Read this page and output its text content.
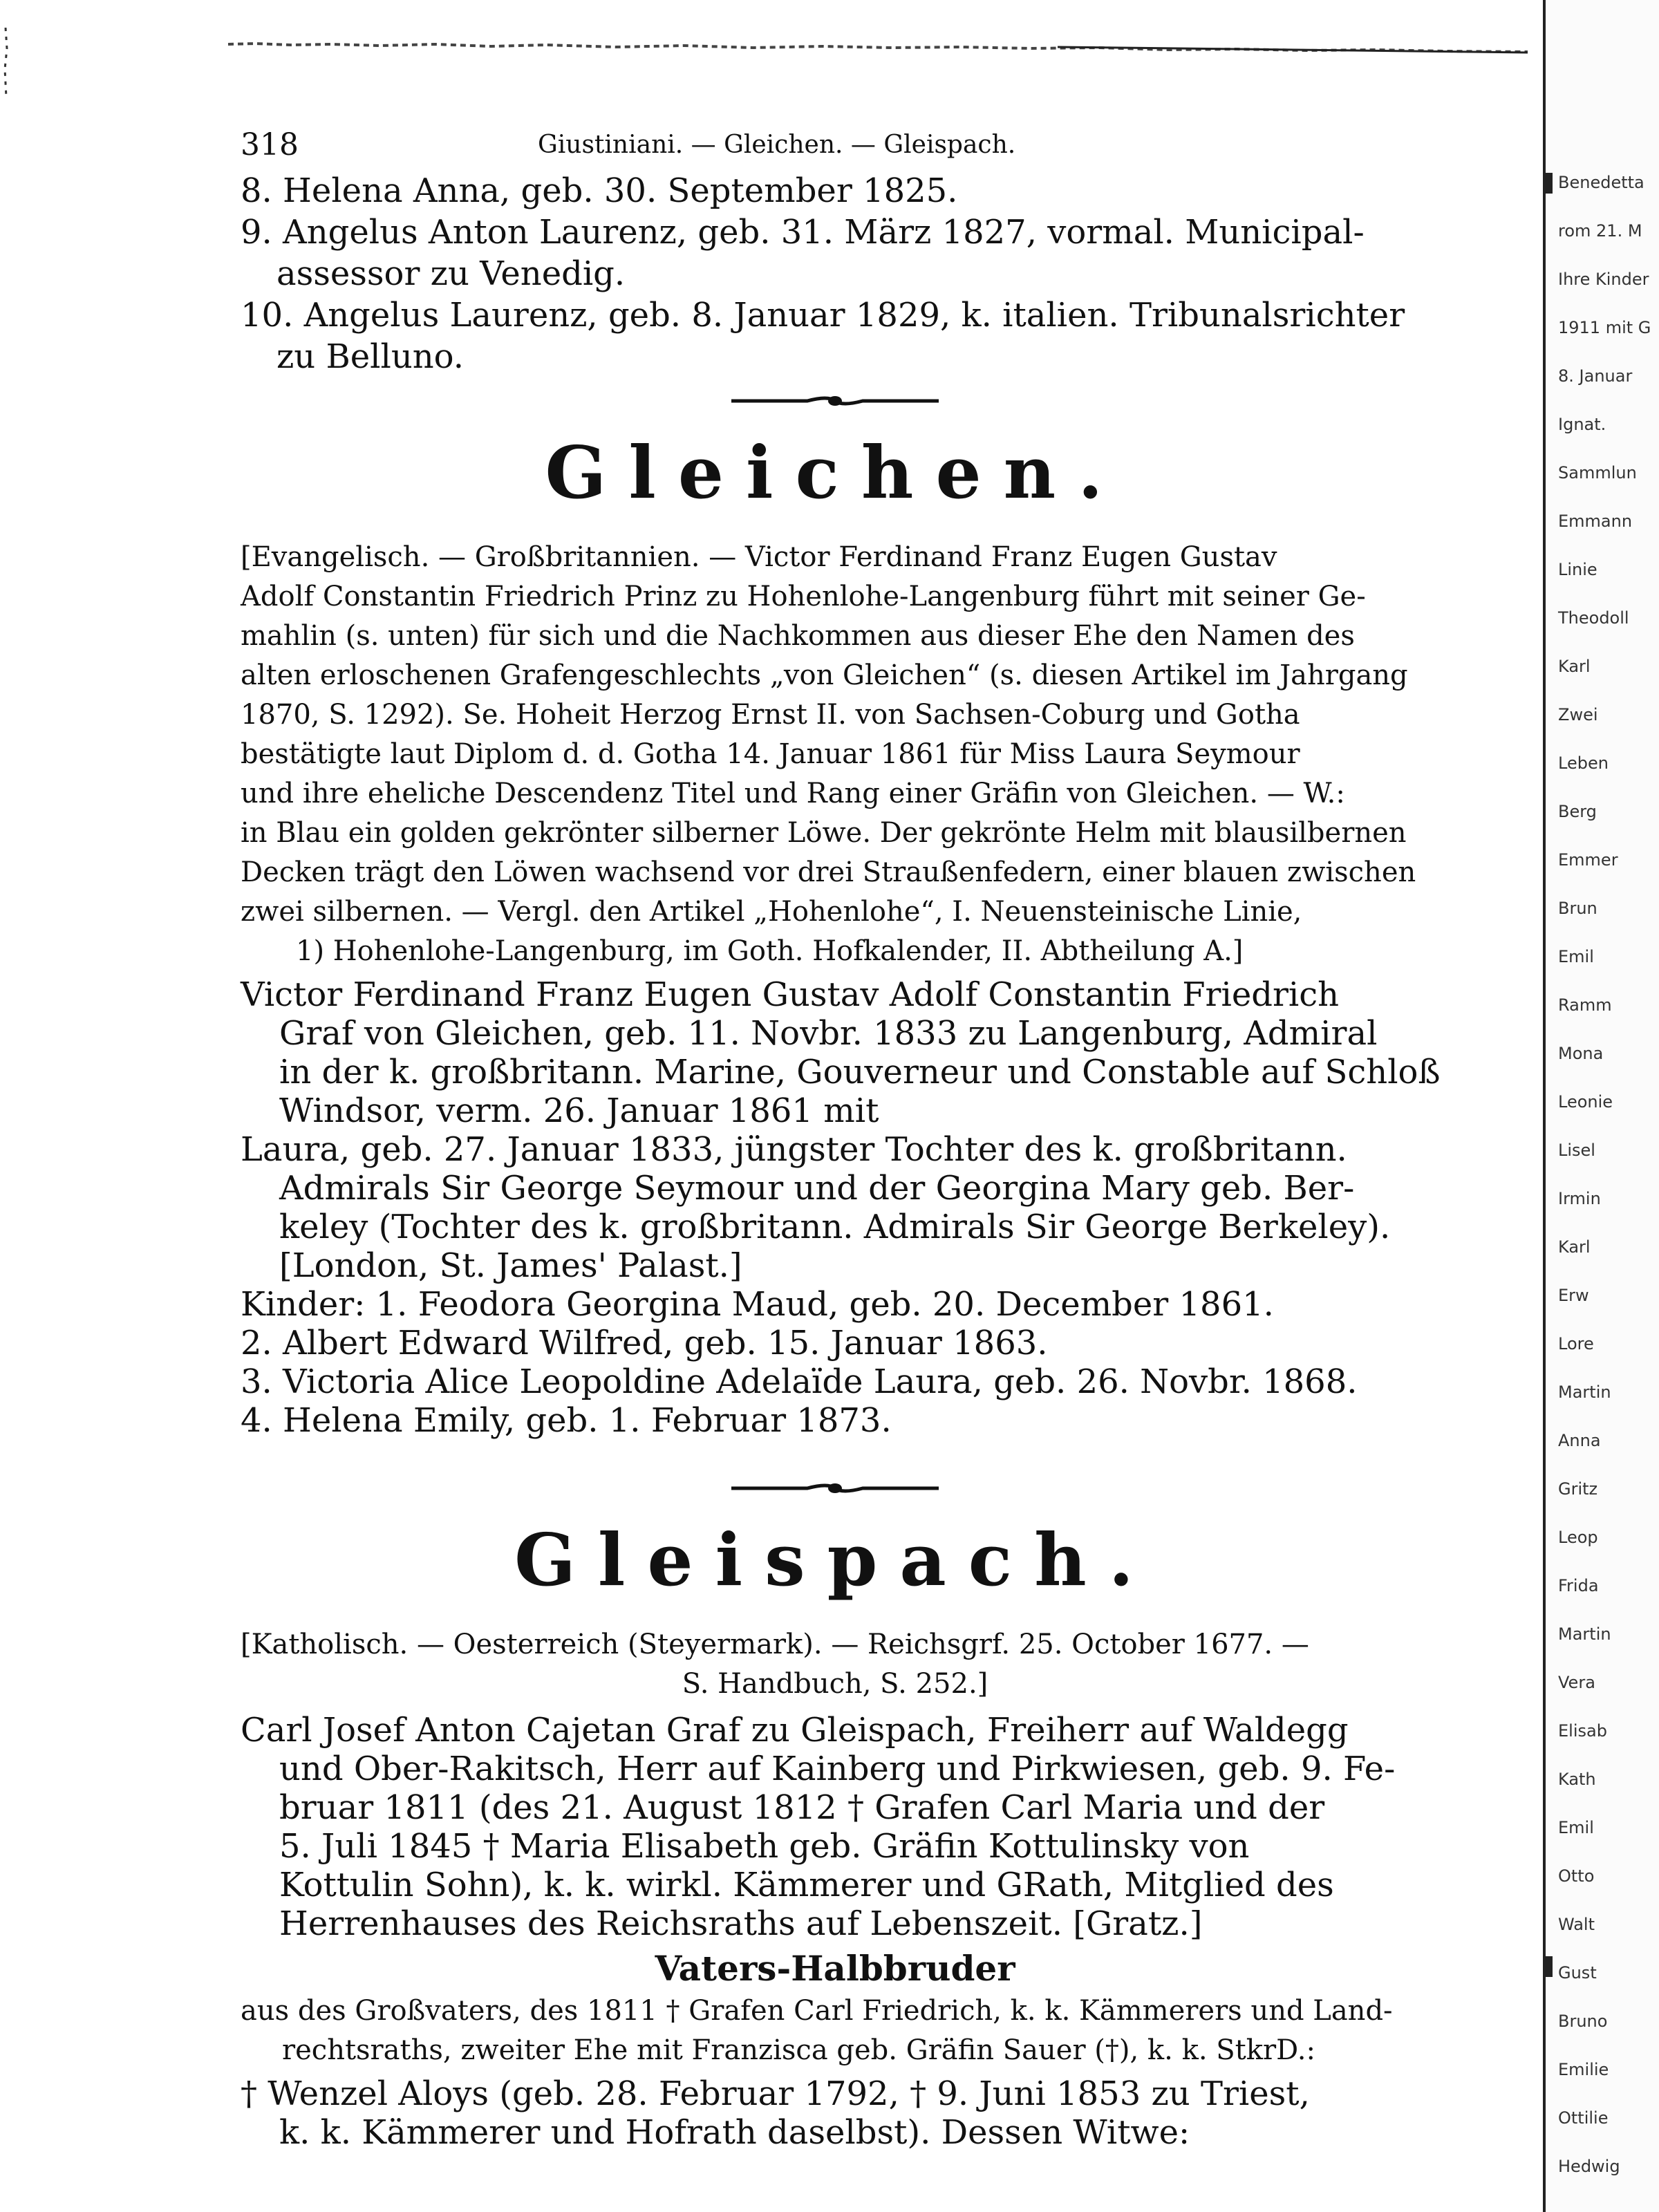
Benedetta
rom 21. M
Ihre Kinder
1911 mit G
8. Januar
Ignat.
Sammlun
Emmann
Linie
Theodoll
Karl
Zwei
Leben
Berg
Emmer
Brun
Emil
Ramm
Mona
Leonie
Lisel
Irmin
Karl
Erw
Lore
Martin
Anna
Gritz
Leop
Frida
Martin
Vera
Elisab
Kath
Emil
Otto
Walt
Gust
Bruno
Emilie
Ottilie
Hedwig
318	Giustiniani. — Gleichen. — Gleispach.
8. Helena Anna, geb. 30. September 1825.
9. Angelus Anton Laurenz, geb. 31. März 1827, vormal. Municipal-
assessor zu Venedig.
10. Angelus Laurenz, geb. 8. Januar 1829, k. italien. Tribunalsrichter
zu Belluno.
Gleichen.
[Evangelisch. — Großbritannien. — Victor Ferdinand Franz Eugen Gustav
Adolf Constantin Friedrich Prinz zu Hohenlohe-Langenburg führt mit seiner Ge-
mahlin (s. unten) für sich und die Nachkommen aus dieser Ehe den Namen des
alten erloschenen Grafengeschlechts „von Gleichen“ (s. diesen Artikel im Jahrgang
1870, S. 1292). Se. Hoheit Herzog Ernst II. von Sachsen-Coburg und Gotha
bestätigte laut Diplom d. d. Gotha 14. Januar 1861 für Miss Laura Seymour
und ihre eheliche Descendenz Titel und Rang einer Gräfin von Gleichen. — W.:
in Blau ein golden gekrönter silberner Löwe. Der gekrönte Helm mit blausilbernen
Decken trägt den Löwen wachsend vor drei Straußenfedern, einer blauen zwischen
zwei silbernen. — Vergl. den Artikel „Hohenlohe“, I. Neuensteinische Linie,
1) Hohenlohe-Langenburg, im Goth. Hofkalender, II. Abtheilung A.]
Victor Ferdinand Franz Eugen Gustav Adolf Constantin Friedrich
Graf von Gleichen, geb. 11. Novbr. 1833 zu Langenburg, Admiral
in der k. großbritann. Marine, Gouverneur und Constable auf Schloß
Windsor, verm. 26. Januar 1861 mit
Laura, geb. 27. Januar 1833, jüngster Tochter des k. großbritann.
Admirals Sir George Seymour und der Georgina Mary geb. Ber-
keley (Tochter des k. großbritann. Admirals Sir George Berkeley).
[London, St. James' Palast.]
Kinder: 1. Feodora Georgina Maud, geb. 20. December 1861.
2. Albert Edward Wilfred, geb. 15. Januar 1863.
3. Victoria Alice Leopoldine Adelaïde Laura, geb. 26. Novbr. 1868.
4. Helena Emily, geb. 1. Februar 1873.
Gleispach.
[Katholisch. — Oesterreich (Steyermark). — Reichsgrf. 25. October 1677. —
S. Handbuch, S. 252.]
Carl Josef Anton Cajetan Graf zu Gleispach, Freiherr auf Waldegg
und Ober-Rakitsch, Herr auf Kainberg und Pirkwiesen, geb. 9. Fe-
bruar 1811 (des 21. August 1812 † Grafen Carl Maria und der
5. Juli 1845 † Maria Elisabeth geb. Gräfin Kottulinsky von
Kottulin Sohn), k. k. wirkl. Kämmerer und GRath, Mitglied des
Herrenhauses des Reichsraths auf Lebenszeit. [Gratz.]
Vaters-Halbbruder
aus des Großvaters, des 1811 † Grafen Carl Friedrich, k. k. Kämmerers und Land-
rechtsraths, zweiter Ehe mit Franzisca geb. Gräfin Sauer (†), k. k. StkrD.:
† Wenzel Aloys (geb. 28. Februar 1792, † 9. Juni 1853 zu Triest,
k. k. Kämmerer und Hofrath daselbst). Dessen Witwe:
